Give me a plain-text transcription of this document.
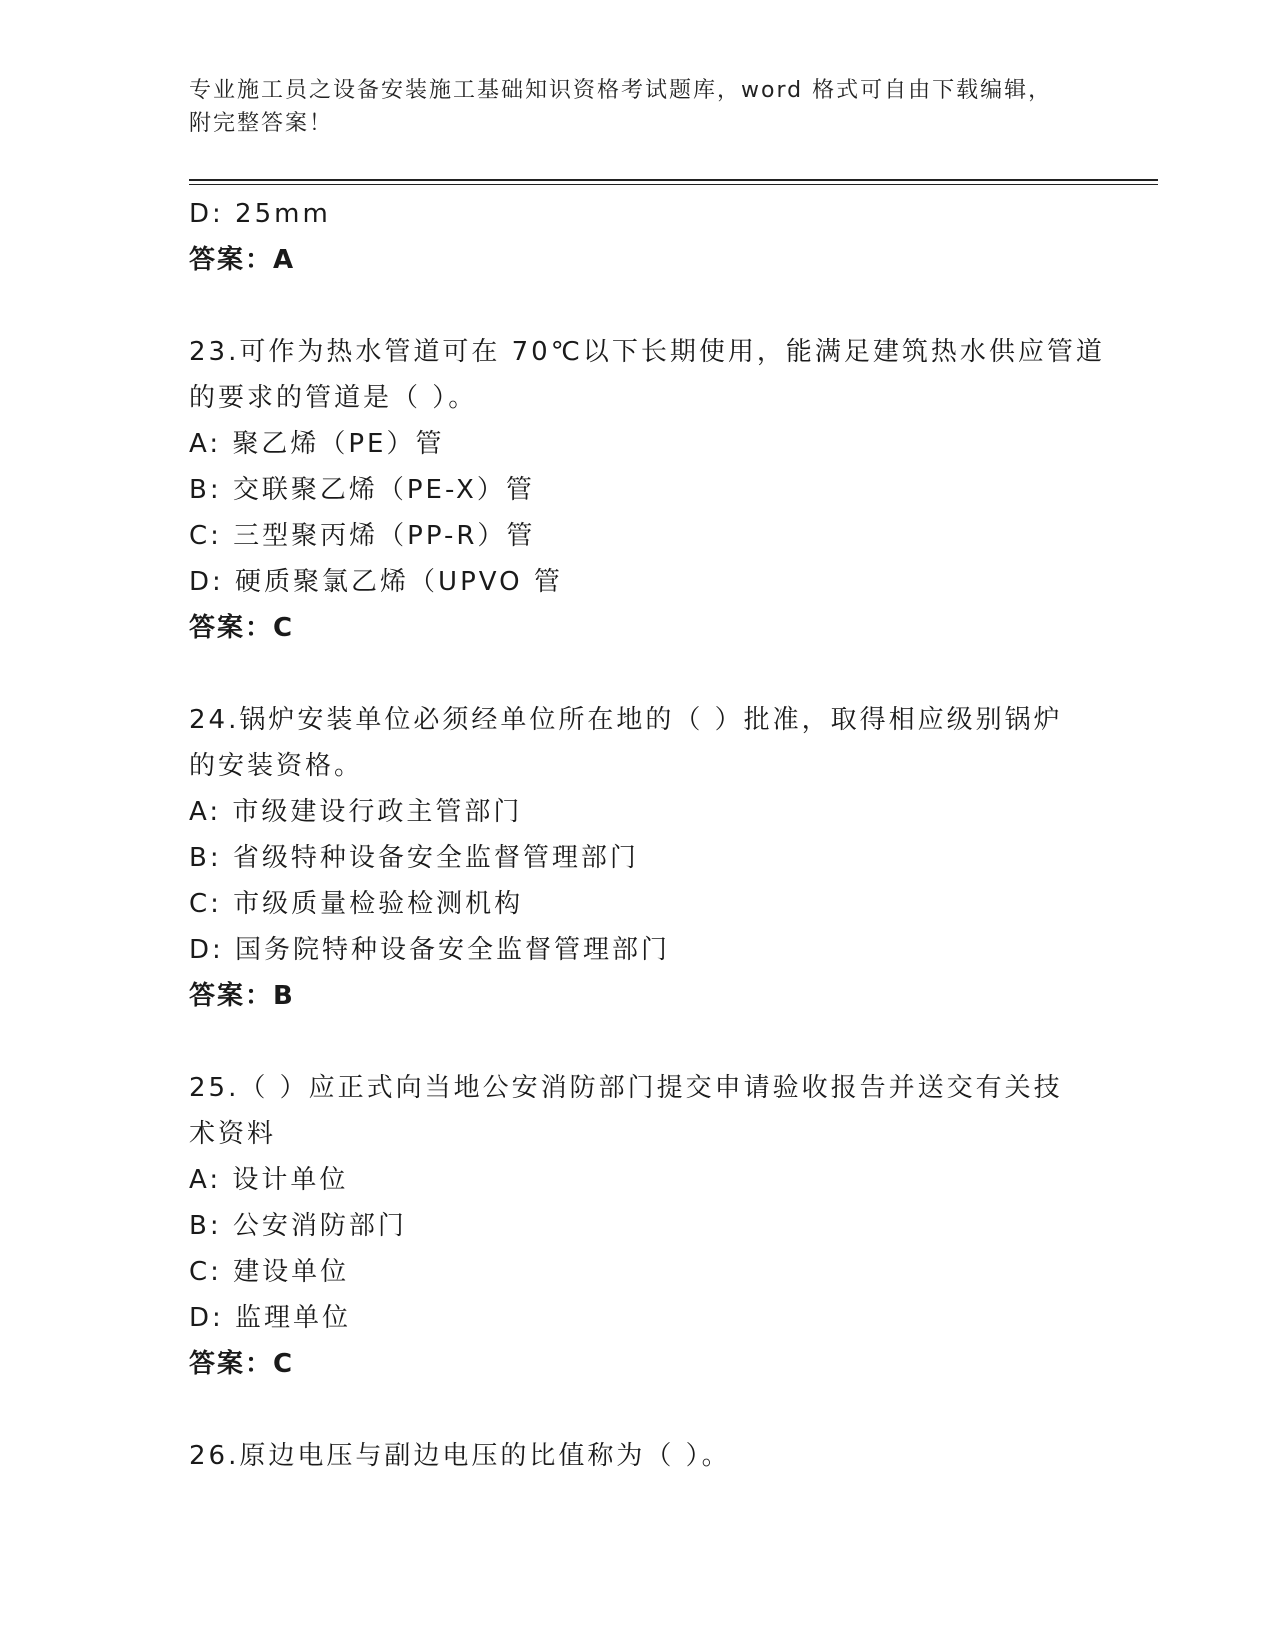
专业施工员之设备安装施工基础知识资格考试题库，word 格式可自由下载编辑，
附完整答案！
D: 25mm
答案：A
23.可作为热水管道可在 70℃以下长期使用，能满足建筑热水供应管道
的要求的管道是（ ）。
A: 聚乙烯（PE）管
B: 交联聚乙烯（PE-X）管
C: 三型聚丙烯（PP-R）管
D: 硬质聚氯乙烯（UPVO 管
答案：C
24.锅炉安装单位必须经单位所在地的（ ）批准，取得相应级别锅炉
的安装资格。
A: 市级建设行政主管部门
B: 省级特种设备安全监督管理部门
C: 市级质量检验检测机构
D: 国务院特种设备安全监督管理部门
答案：B
25.（ ）应正式向当地公安消防部门提交申请验收报告并送交有关技
术资料
A: 设计单位
B: 公安消防部门
C: 建设单位
D: 监理单位
答案：C
26.原边电压与副边电压的比值称为（ ）。
